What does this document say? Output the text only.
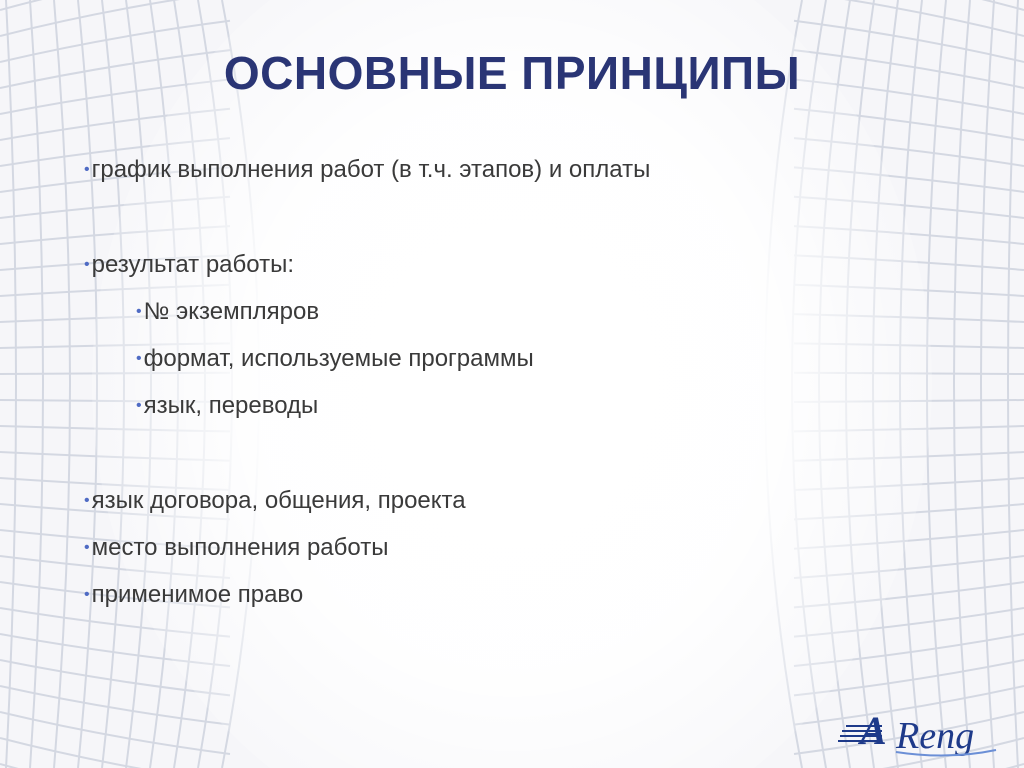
ОСНОВНЫЕ ПРИНЦИПЫ
•график выполнения работ (в т.ч. этапов) и оплаты
•результат работы:
•№ экземпляров
•формат, используемые программы
•язык, переводы
•язык договора, общения, проекта
•место выполнения работы
•применимое право
A Reng
